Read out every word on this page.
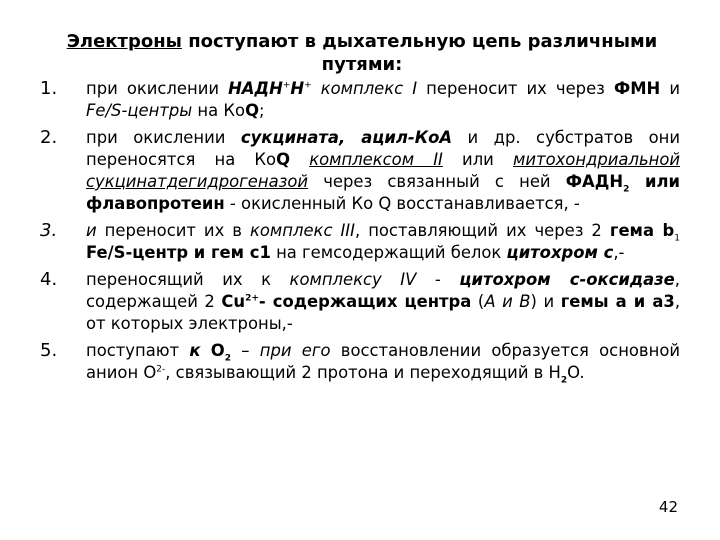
Электроны поступают в дыхательную цепь различными путями:
1. при окислении НАДН+Н+ комплекс I переносит их через ФМН и Fe/S-центры на КоQ;
2. при окислении сукцината, ацил-КоА и др. субстратов они переносятся на КоQ комплексом II или митохондриальной сукцинатдегидрогеназой через связанный с ней $ФАДН_2$ или флавопротеин - окисленный Ко Q восстанавливается, -
3. и переносит их в комплекс III, поставляющий их через 2 гема $b_1$ Fe/S-центр и гем с1 на гемсодержащий белок цитохром с,-
4. переносящий их к комплексу IV - цитохром с-оксидазе, содержащей 2 $Cu^{2+}-$ содержащих центра (А и В) и гемы а и а3, от которых электроны,-
5. поступают к $O_2$ – при его восстановлении образуется основной анион $O^{2-}$, связывающий 2 протона и переходящий в $H_2O$.
42
